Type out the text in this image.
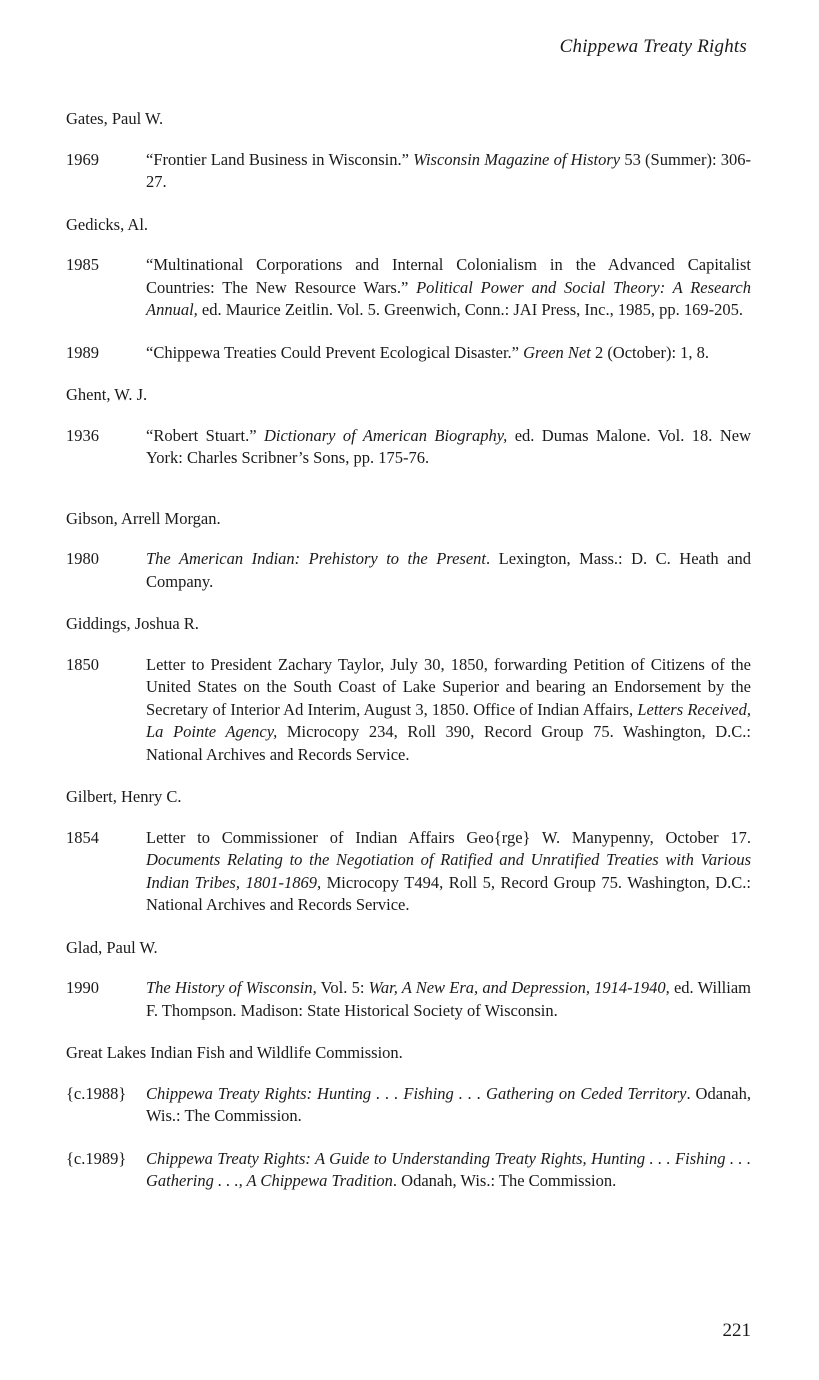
Chippewa Treaty Rights
Gates, Paul W.
1969	“Frontier Land Business in Wisconsin.” Wisconsin Magazine of History 53 (Summer): 306-27.
Gedicks, Al.
1985	“Multinational Corporations and Internal Colonialism in the Advanced Capitalist Countries: The New Resource Wars.” Political Power and Social Theory: A Research Annual, ed. Maurice Zeitlin. Vol. 5. Greenwich, Conn.: JAI Press, Inc., 1985, pp. 169-205.
1989	“Chippewa Treaties Could Prevent Ecological Disaster.” Green Net 2 (October): 1, 8.
Ghent, W. J.
1936	“Robert Stuart.” Dictionary of American Biography, ed. Dumas Malone. Vol. 18. New York: Charles Scribner’s Sons, pp. 175-76.
Gibson, Arrell Morgan.
1980	The American Indian: Prehistory to the Present. Lexington, Mass.: D. C. Heath and Company.
Giddings, Joshua R.
1850	Letter to President Zachary Taylor, July 30, 1850, forwarding Petition of Citizens of the United States on the South Coast of Lake Superior and bearing an Endorsement by the Secretary of Interior Ad Interim, August 3, 1850. Office of Indian Affairs, Letters Received, La Pointe Agency, Microcopy 234, Roll 390, Record Group 75. Washington, D.C.: National Archives and Records Service.
Gilbert, Henry C.
1854	Letter to Commissioner of Indian Affairs Geo{rge} W. Manypenny, October 17. Documents Relating to the Negotiation of Ratified and Unratified Treaties with Various Indian Tribes, 1801-1869, Microcopy T494, Roll 5, Record Group 75. Washington, D.C.: National Archives and Records Service.
Glad, Paul W.
1990	The History of Wisconsin, Vol. 5: War, A New Era, and Depression, 1914-1940, ed. William F. Thompson. Madison: State Historical Society of Wisconsin.
Great Lakes Indian Fish and Wildlife Commission.
{c.1988}	Chippewa Treaty Rights: Hunting . . . Fishing . . . Gathering on Ceded Territory. Odanah, Wis.: The Commission.
{c.1989}	Chippewa Treaty Rights: A Guide to Understanding Treaty Rights, Hunting . . . Fishing . . . Gathering . . ., A Chippewa Tradition. Odanah, Wis.: The Commission.
221
